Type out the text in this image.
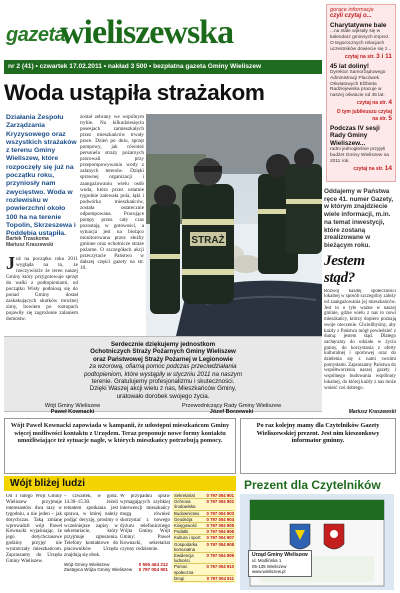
gazeta
wieliszewska
nr 2 (41) • czwartek 17.02.2011 • nakład 3 500 • bezpłatna gazeta Gminy Wieliszew
gorące informacje
czyli czytaj o...
Charytatywne bale
...na stałe wpisały się w kalendarz gminnych imprez. O tegorocznych relacjach uczestników dowiecie się z...
czytaj na str. 3 i 11
45 lat doliny!
Dyrektor Samorządowego Administracji Placówek Oświatowych Elżbieta Radziejewska pracuje w naszej oświacie od 45 lat.
czytaj na str. 4
O tym jubileuszu czytaj na str. 5
Podczas IV sesji Rady Gminy Wieliszew...
radni jednogłośnie przyjęli budżet Gminy Wieliszew na 2011 rok.
czytaj na str. 14
Woda ustąpiła strażakom
Działania Zespołu Zarządzania Kryzysowego oraz wszystkich strażaków z terenu Gminy Wieliszew, które rozpoczęły się już na początku roku, przyniosły nam zwycięstwo. Woda w rozlewisku w powierzchni około 100 ha na terenie Topolin, Skrzeszewa i Poddębia ustąpiła.
Bartek Trzaskoma
Mariusz Kraszewski
Już na początku roku 2011 wygląda na to, że rzeczywiście że teren naszej Gminy który przygotowuje sprzęt do walki z podtopieniami, od początku Wisły podniosą się do ponad Gminy dostał zaskakujących skutków mroźnej zimy, bowiem po roztopach pojawiły się zagrożenie zalaniem domostw.
został zebrany we wspólnym trybie. Na kilkudziesięciu posesjach zamieszkałych przez mieszkańców trwały prace. Dzień po dniu, sprzęt pompowy, jak również personelu straży pożarnych pracowali przy przepompowywaniu wody z zalanych terenów. Dzięki sprawnej organizacji i zaangażowaniu wielu osób woda, która przez ostatnie tygodnie zalewała pola, łąki i podwórka mieszkańców, została ostatecznie odpompowana. Pracujące pompy przez cały czas pozostają w gotowości, a sytuacja jest na bieżąco monitorowana przez służby gminne oraz ochotnicze straże pożarne. O szczegółach akcji przeczytacie Państwo w dalszej części gazety na str. 10.
STRAŻ

Serdecznie dziękujemy jednostkom

Ochotniczych Straży Pożarnych Gminy Wieliszew

oraz Państwowej Straży Pożarnej w Legionowie

za wzorową, ofiarną pomoc podczas przeciwdziałania

podtopieniom, które wystąpiły w styczniu 2011 na naszym

terenie. Gratulujemy profesjonalizmu i skuteczności.

Dzięki Waszej akcji wielu z nas, Mieszkańców Gminy,

uratowało dorobek swojego życia.

Wójt Gminy Wieliszew
Paweł Kownacki
Przewodniczący Rady Gminy Wieliszew
Józef Borzewski
Oddajemy w Państwa ręce 41. numer Gazety, w którym znajdziecie wiele informacji, m.in. na temat inwestycji, które zostaną zrealizowane w bieżącym roku.
Jestem stąd?
Rozwój każdej społeczności lokalnej w sposób szczególny zależy od zaangażowania jej mieszkańców. Jest to o tyle ważne w naszej gminie, gdzie wielu z nas to nowi mieszkańcy, którzy dopiero poznają swoje otoczenie. Chcielibyśmy, aby każdy z Państwa mógł powiedzieć z dumą: jestem stąd. Dlatego zachęcamy do udziału w życiu gminy, do korzystania z oferty kulturalnej i sportowej oraz do dzielenia się z nami swoimi pomysłami. Zapraszamy Państwa do współtworzenia naszej gazety i wspólnego budowania wspólnoty lokalnej, do której każdy z nas może wnieść coś dobrego.
Mariusz Kraszewski
Wójt Paweł Kownacki zapowiada w kampanii, że udostępni mieszkańcom Gminy więcej możliwości kontaktu z Urzędem. Teraz proponuje nowe formy kontaktu umożliwiające też sytuacje nagłe, w których mieszkańcy potrzebują pomocy.
Wójt bliżej ludzi
Od 1 lutego Wójt Gminy Wieliszew przyjmuje interesantów dwa razy w tygodniu, a nie jeden – jak dotychczas. Taką zmianę wprowadził wójt Paweł Kownacki wyjaśniając, że jego dotychczasowe godziny przyjęć nie wystarczały mieszkańcom. Zapraszamy do Urzędu Gminy Wieliszew.
– czwartek, w godz. 14.30–15.30. Jeżeli tematem spotkania jest sprawa, w której należy podjąć decyzję, prosimy o wcześniejsze zapisy w sekretariacie, który przyjmuje zgłoszenia. Telefony kontaktowe do pracowników Urzędu znajdują się obok.
W przypadku spraw wymagających szybkiej interwencji mieszkańcy mogą również skorzystać z nowego dyżuru telefonicznego Wójta Gminy. Wójt Gminy: Paweł Kownacki, sekretariat czynny codziennie.
Sekretariat	0 797 004 901
Ochrona środowiska
0 797 004 902
Budownictwo 0 797 004 903
Geodezja	0 797 004 904
Księgowość 0 797 004 905
Podatki	0 797 004 906
Kultura i sport 0 797 004 907
Gospodarka komunalna
0 797 004 908
Ewidencja ludności
0 797 004 909
Pomoc społeczna
0 797 004 910
Drogi	0 797 004 911
Wójt Gminy Wieliszew	0 505 464 212
Zastępca Wójta Gminy Wieliszew 0 797 004 901
Po raz kolejny mamy dla Czytelników Gazety Wieliszewskiej prezent. Jest nim kieszonkowy informator gminny.
Prezent dla Czytelników
Urząd Gminy Wieliszew
ul. Modlińska 1
05-135 Wieliszew
www.wieliszew.pl
